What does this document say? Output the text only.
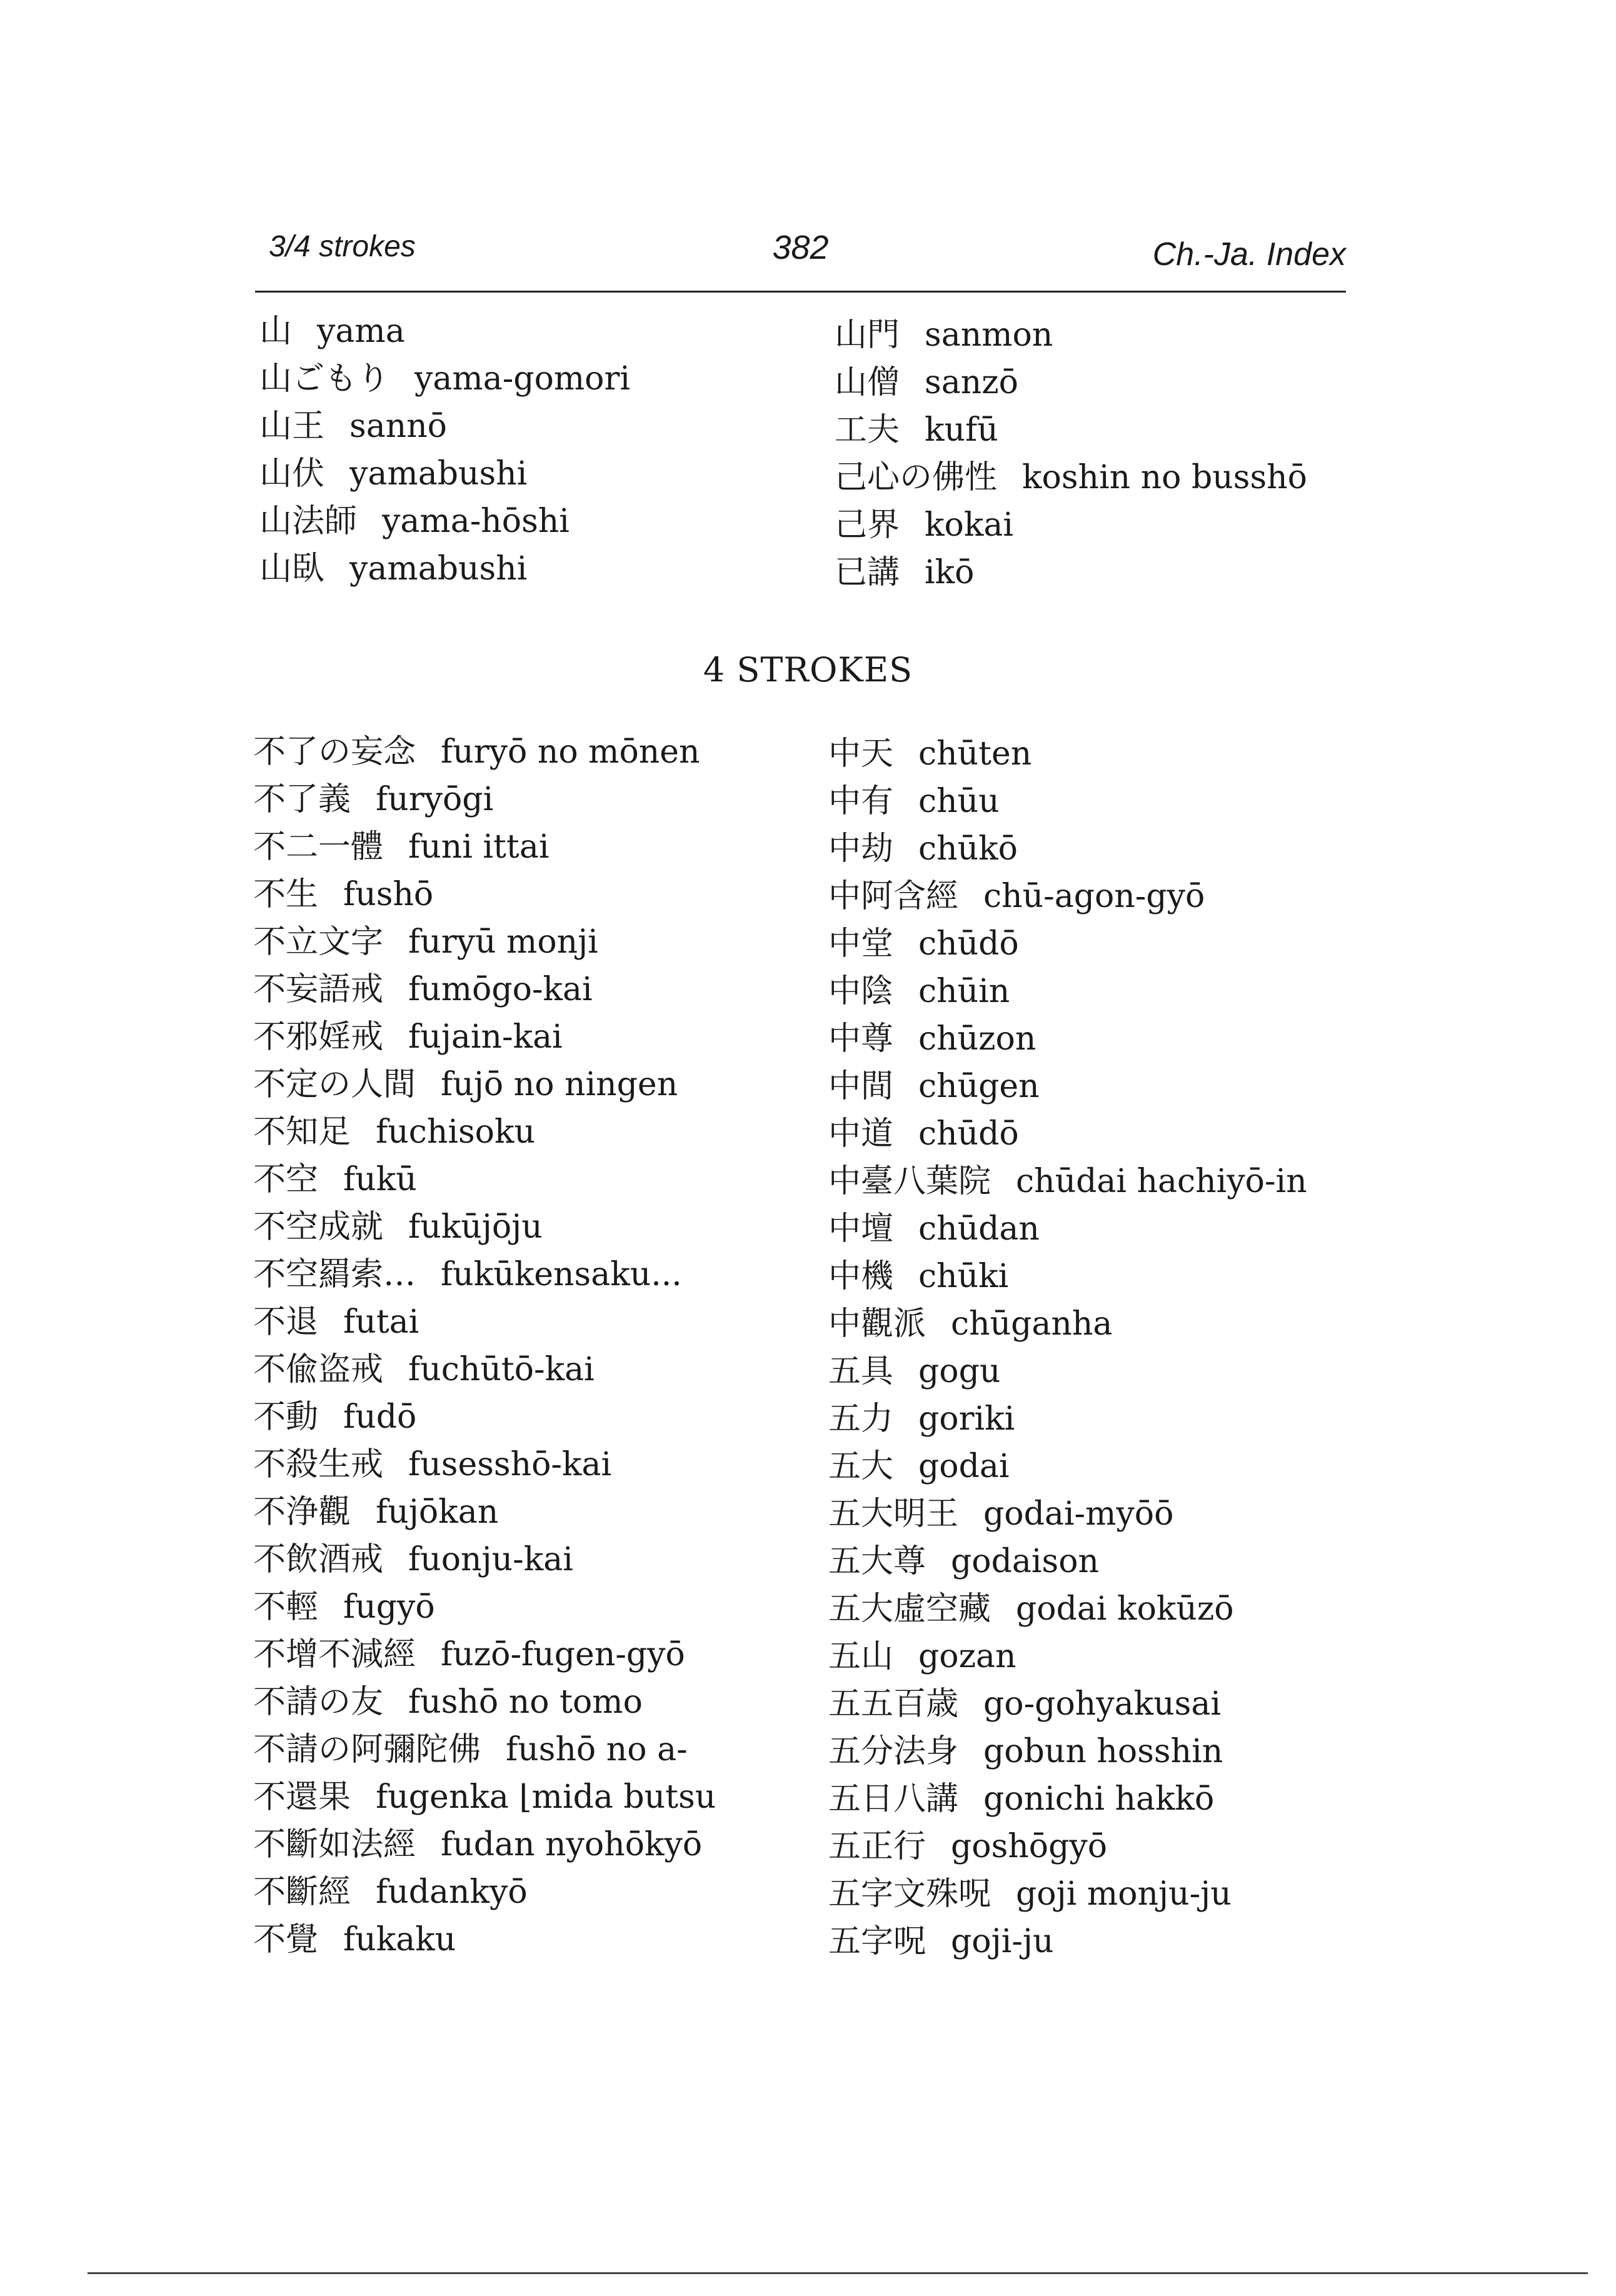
3/4 strokes	382	Ch.-Ja. Index
山 yama
山ごもり yama-gomori
山王 sannō
山伏 yamabushi
山法師 yama-hōshi
山臥 yamabushi
山門 sanmon
山僧 sanzō
工夫 kufū
己心の佛性 koshin no busshō
己界 kokai
已講 ikō
4 STROKES
不了の妄念 furyō no mōnen
不了義 furyōgi
不二一體 funi ittai
不生 fushō
不立文字 furyū monji
不妄語戒 fumōgo-kai
不邪婬戒 fujain-kai
不定の人間 fujō no ningen
不知足 fuchisoku
不空 fukū
不空成就 fukūjōju
不空羂索… fukūkensaku...
不退 futai
不偸盗戒 fuchūtō-kai
不動 fudō
不殺生戒 fusesshō-kai
不浄觀 fujōkan
不飲酒戒 fuonju-kai
不輕 fugyō
不增不減經 fuzō-fugen-gyō
不請の友 fushō no tomo
不請の阿彌陀佛 fushō no a-
不還果 fugenka ⌊mida butsu
不斷如法經 fudan nyohōkyō
不斷經 fudankyō
不覺 fukaku
中天 chūten
中有 chūu
中劫 chūkō
中阿含經 chū-agon-gyō
中堂 chūdō
中陰 chūin
中尊 chūzon
中間 chūgen
中道 chūdō
中臺八葉院 chūdai hachiyō-in
中壇 chūdan
中機 chūki
中觀派 chūganha
五具 gogu
五力 goriki
五大 godai
五大明王 godai-myōō
五大尊 godaison
五大虛空藏 godai kokūzō
五山 gozan
五五百歳 go-gohyakusai
五分法身 gobun hosshin
五日八講 gonichi hakkō
五正行 goshōgyō
五字文殊呪 goji monju-ju
五字呪 goji-ju
